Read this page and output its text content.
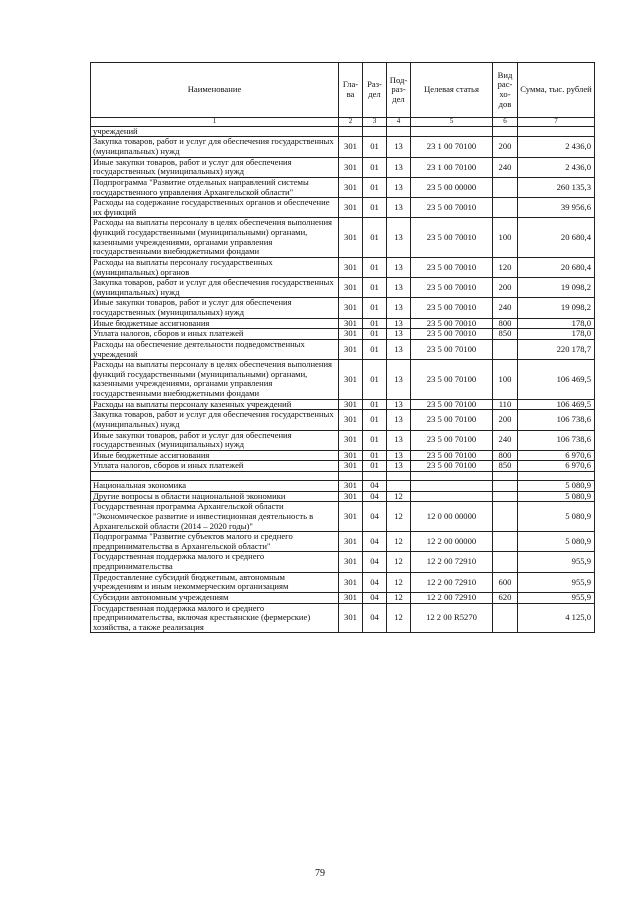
Наименование	Гла-ва	Раз-дел	Под-раз-дел	Целевая статья	Вид рас-хо-дов	Сумма, тыс. рублей
1	2	3	4	5	6	7
учреждений						
Закупка товаров, работ и услуг для обеспечения государственных (муниципальных) нужд	301	01	13	23 1 00 70100	200	2 436,0
Иные закупки товаров, работ и услуг для обеспечения государственных (муниципальных) нужд	301	01	13	23 1 00 70100	240	2 436,0
Подпрограмма "Развитие отдельных направлений системы государственного управления Архангельской области"	301	01	13	23 5 00 00000		260 135,3
Расходы на содержание государственных органов и обеспечение их функций	301	01	13	23 5 00 70010		39 956,6
Расходы на выплаты персоналу в целях обеспечения выполнения функций государственными (муниципальными) органами, казенными учреждениями, органами управления государственными внебюджетными фондами	301	01	13	23 5 00 70010	100	20 680,4
Расходы на выплаты персоналу государственных (муниципальных) органов	301	01	13	23 5 00 70010	120	20 680,4
Закупка товаров, работ и услуг для обеспечения государственных (муниципальных) нужд	301	01	13	23 5 00 70010	200	19 098,2
Иные закупки товаров, работ и услуг для обеспечения государственных (муниципальных) нужд	301	01	13	23 5 00 70010	240	19 098,2
Иные бюджетные ассигнования	301	01	13	23 5 00 70010	800	178,0
Уплата налогов, сборов и иных платежей	301	01	13	23 5 00 70010	850	178,0
Расходы на обеспечение деятельности подведомственных учреждений	301	01	13	23 5 00 70100		220 178,7
Расходы на выплаты персоналу в целях обеспечения выполнения функций государственными (муниципальными) органами, казенными учреждениями, органами управления государственными внебюджетными фондами	301	01	13	23 5 00 70100	100	106 469,5
Расходы на выплаты персоналу казенных учреждений	301	01	13	23 5 00 70100	110	106 469,5
Закупка товаров, работ и услуг для обеспечения государственных (муниципальных) нужд	301	01	13	23 5 00 70100	200	106 738,6
Иные закупки товаров, работ и услуг для обеспечения государственных (муниципальных) нужд	301	01	13	23 5 00 70100	240	106 738,6
Иные бюджетные ассигнования	301	01	13	23 5 00 70100	800	6 970,6
Уплата налогов, сборов и иных платежей	301	01	13	23 5 00 70100	850	6 970,6

Национальная экономика	301	04				5 080,9
Другие вопросы в области национальной экономики	301	04	12			5 080,9
Государственная программа Архангельской области "Экономическое развитие и инвестиционная деятельность в Архангельской области (2014 – 2020 годы)"	301	04	12	12 0 00 00000		5 080,9
Подпрограмма "Развитие субъектов малого и среднего предпринимательства в Архангельской области"	301	04	12	12 2 00 00000		5 080,9
Государственная поддержка малого и среднего предпринимательства	301	04	12	12 2 00 72910		955,9
Предоставление субсидий бюджетным, автономным учреждениям и иным некоммерческим организациям	301	04	12	12 2 00 72910	600	955,9
Субсидии автономным учреждениям	301	04	12	12 2 00 72910	620	955,9
Государственная поддержка малого и среднего предпринимательства, включая крестьянские (фермерские) хозяйства, а также реализация	301	04	12	12 2 00 R5270		4 125,0
79
